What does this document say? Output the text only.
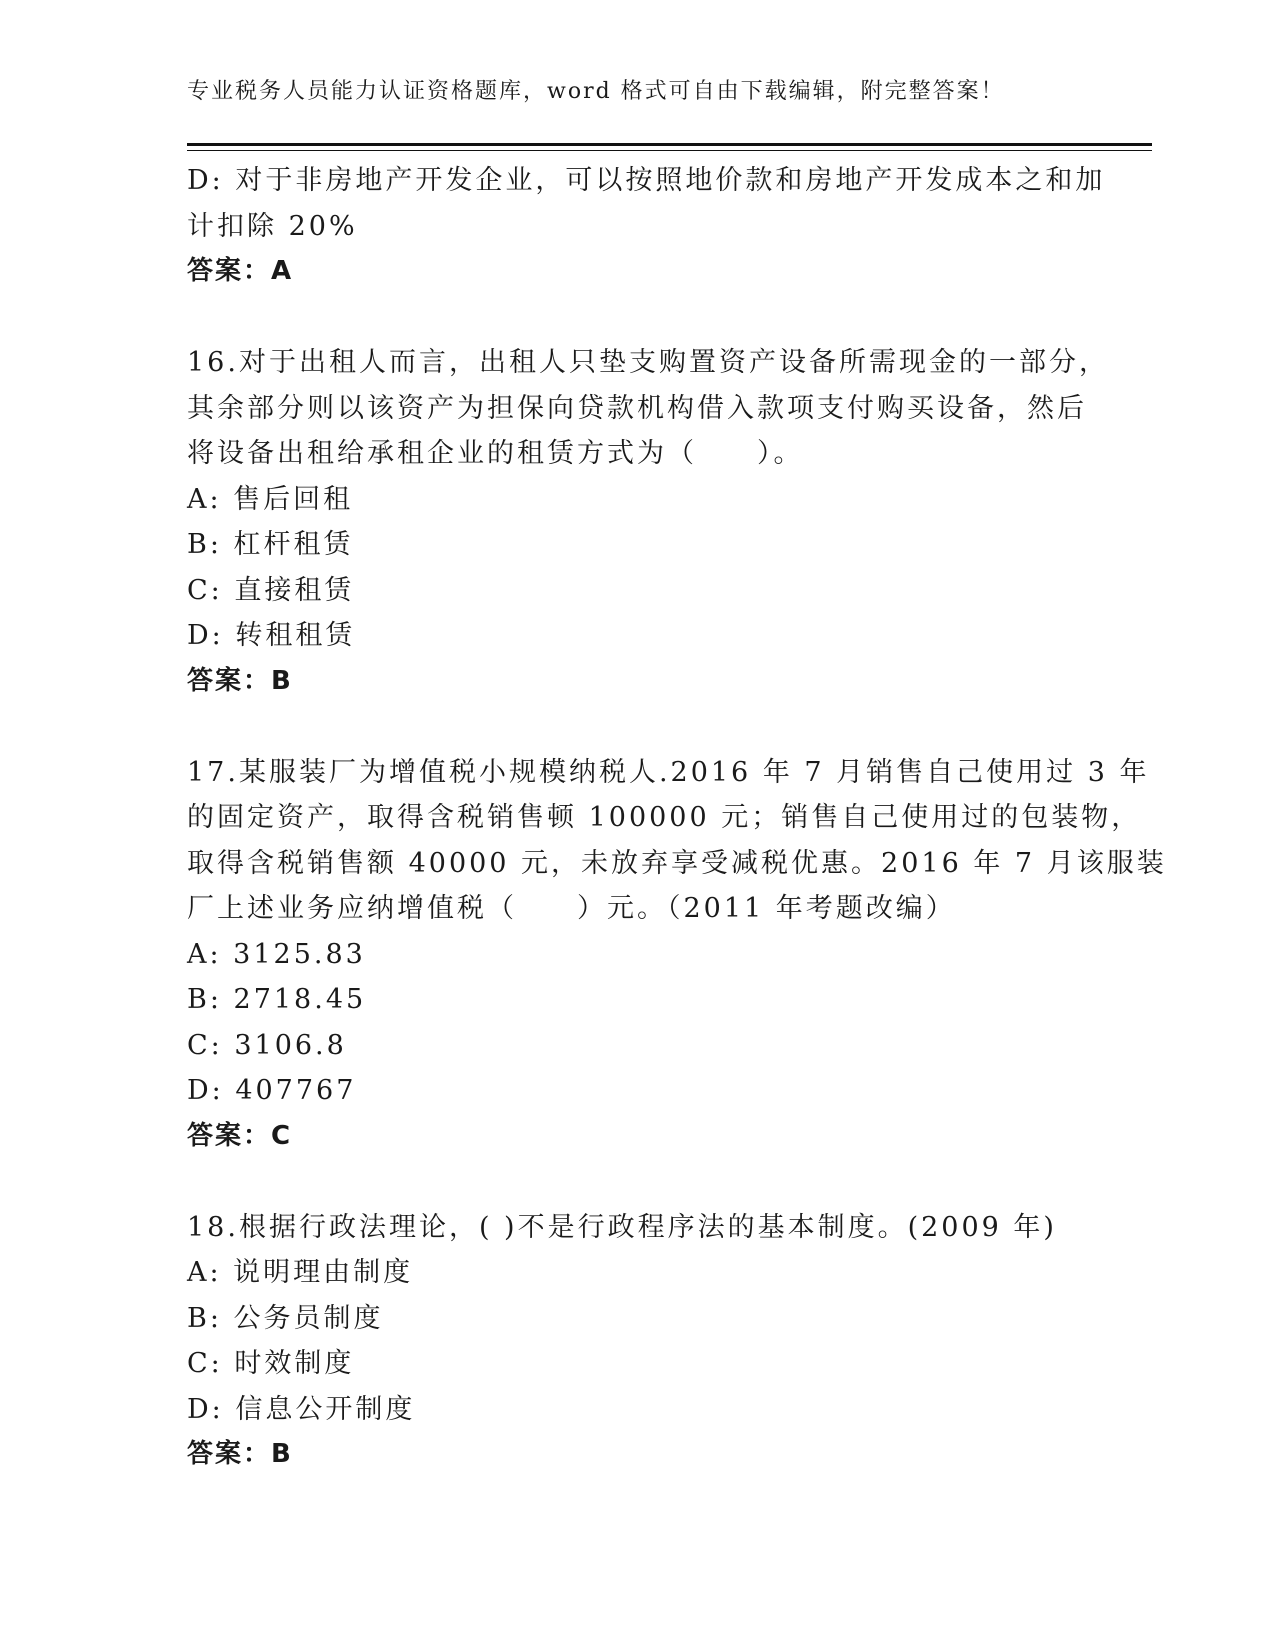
专业税务人员能力认证资格题库，word 格式可自由下载编辑，附完整答案！
D: 对于非房地产开发企业，可以按照地价款和房地产开发成本之和加
计扣除 20%
答案：A
16.对于出租人而言，出租人只垫支购置资产设备所需现金的一部分，
其余部分则以该资产为担保向贷款机构借入款项支付购买设备，然后
将设备出租给承租企业的租赁方式为（　　）。
A: 售后回租
B: 杠杆租赁
C: 直接租赁
D: 转租租赁
答案：B
17.某服装厂为增值税小规模纳税人.2016 年 7 月销售自己使用过 3 年
的固定资产，取得含税销售顿 100000 元；销售自己使用过的包装物，
取得含税销售额 40000 元，未放弃享受减税优惠。2016 年 7 月该服装
厂上述业务应纳增值税（　　）元。（2011 年考题改编）
A: 3125.83
B: 2718.45
C: 3106.8
D: 407767
答案：C
18.根据行政法理论，( )不是行政程序法的基本制度。(2009 年)
A: 说明理由制度
B: 公务员制度
C: 时效制度
D: 信息公开制度
答案：B
